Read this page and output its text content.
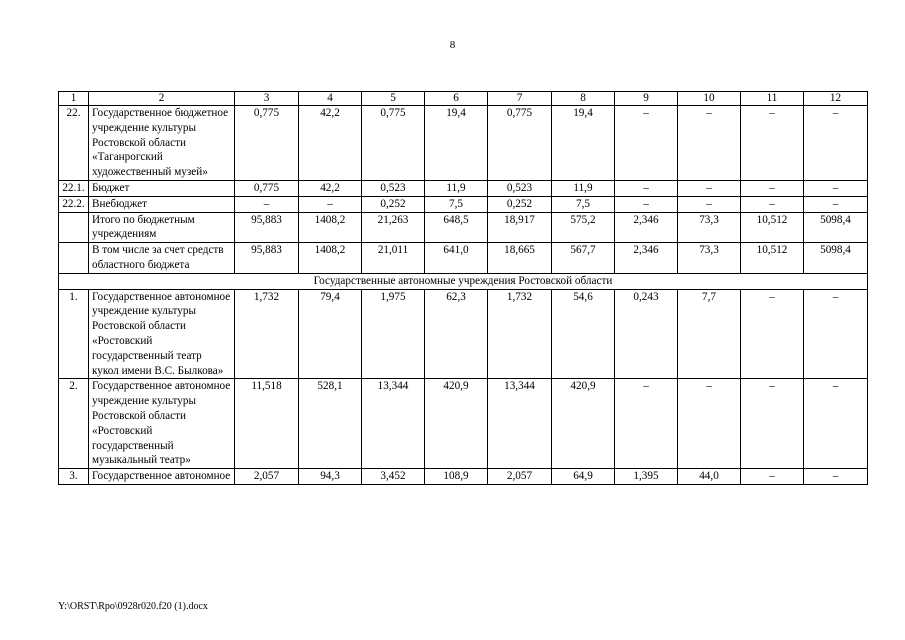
8
1	2	3	4	5	6	7	8	9	10	11	12
22.	Государственное бюджетное учреждение культуры Ростовской области «Таганрогский художественный музей»	0,775	42,2	0,775	19,4	0,775	19,4	–	–	–	–
22.1.	Бюджет	0,775	42,2	0,523	11,9	0,523	11,9	–	–	–	–
22.2.	Внебюджет	–	–	0,252	7,5	0,252	7,5	–	–	–	–
	Итого по бюджетным учреждениям	95,883	1408,2	21,263	648,5	18,917	575,2	2,346	73,3	10,512	5098,4
	В том числе за счет средств областного бюджета	95,883	1408,2	21,011	641,0	18,665	567,7	2,346	73,3	10,512	5098,4
Государственные автономные учреждения Ростовской области											
1.	Государственное автономное учреждение культуры Ростовской области «Ростовский государственный театр кукол имени В.С. Былкова»	1,732	79,4	1,975	62,3	1,732	54,6	0,243	7,7	–	–
2.	Государственное автономное учреждение культуры Ростовской области «Ростовский государственный музыкальный театр»	11,518	528,1	13,344	420,9	13,344	420,9	–	–	–	–
3.	Государственное автономное	2,057	94,3	3,452	108,9	2,057	64,9	1,395	44,0	–	–
Y:\ORST\Rpo\0928r020.f20 (1).docx
